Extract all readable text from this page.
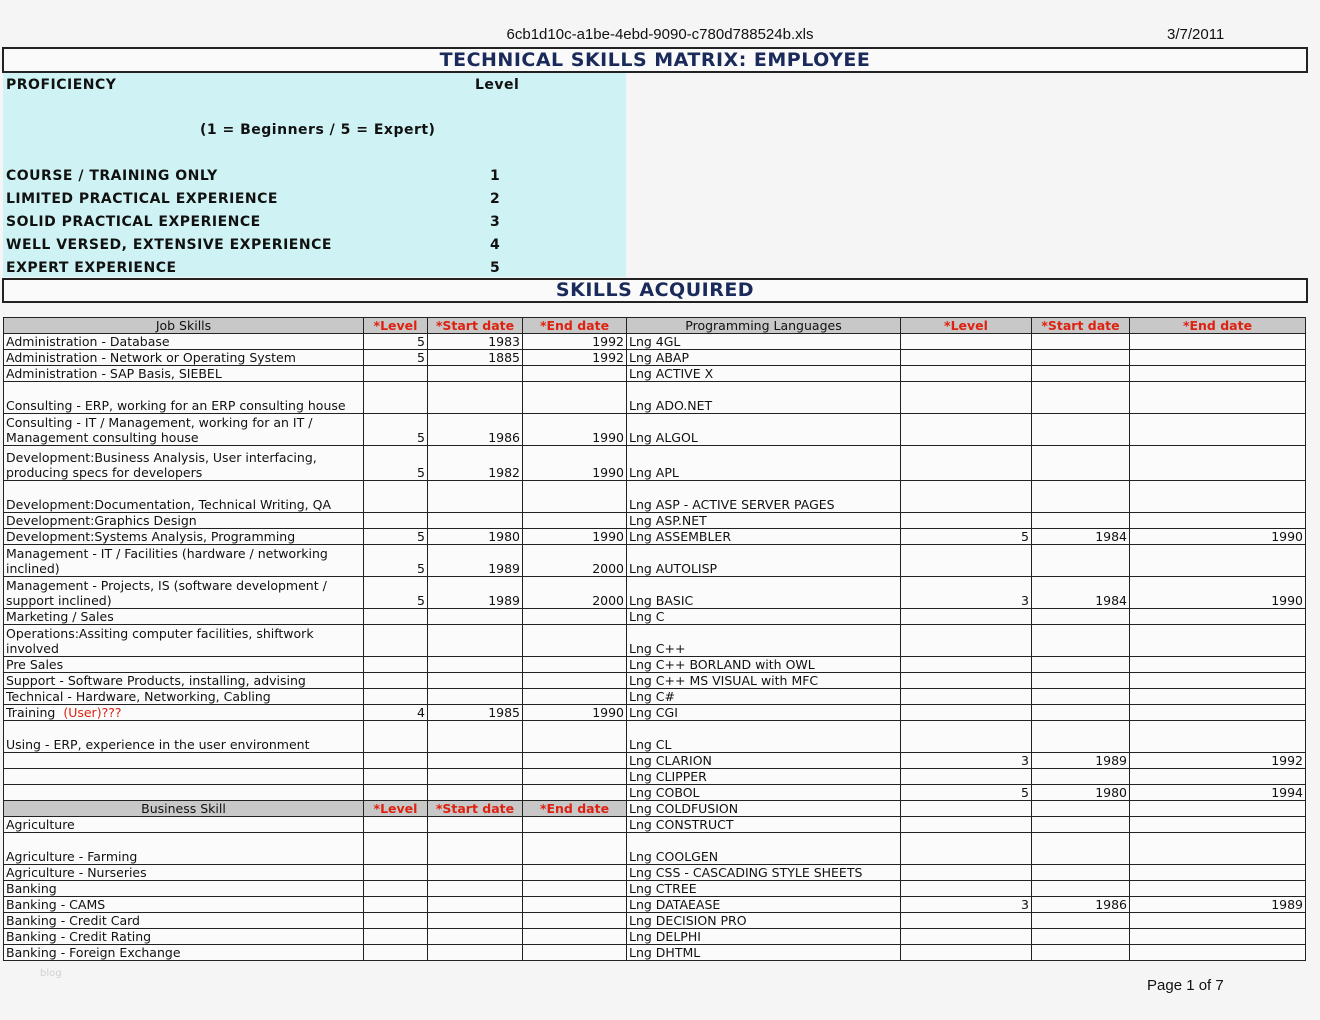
6cb1d10c-a1be-4ebd-9090-c780d788524b.xls	3/7/2011
TECHNICAL SKILLS MATRIX: EMPLOYEE
PROFICIENCY	Level
(1 = Beginners / 5 = Expert)
COURSE / TRAINING ONLY	1
LIMITED PRACTICAL EXPERIENCE	2
SOLID PRACTICAL EXPERIENCE	3
WELL VERSED, EXTENSIVE EXPERIENCE	4
EXPERT EXPERIENCE	5
SKILLS ACQUIRED
Job Skills	*Level	*Start date	*End date	Programming Languages	*Level	*Start date	*End date
Administration - Database	5	1983	1992	Lng 4GL			
Administration - Network or Operating System	5	1885	1992	Lng ABAP			
Administration - SAP Basis, SIEBEL				Lng ACTIVE X			
Consulting - ERP, working for an ERP consulting house				Lng ADO.NET			
Consulting - IT / Management, working for an IT /
Management consulting house	5	1986	1990	Lng ALGOL			
Development:Business Analysis, User interfacing,
producing specs for developers	5	1982	1990	Lng APL			
Development:Documentation, Technical Writing, QA				Lng ASP - ACTIVE SERVER PAGES			
Development:Graphics Design				Lng ASP.NET			
Development:Systems Analysis, Programming	5	1980	1990	Lng ASSEMBLER	5	1984	1990
Management - IT / Facilities (hardware / networking
inclined)	5	1989	2000	Lng AUTOLISP			
Management - Projects, IS (software development /
support inclined)	5	1989	2000	Lng BASIC	3	1984	1990
Marketing / Sales				Lng C			
Operations:Assiting computer facilities, shiftwork
involved				Lng C++			
Pre Sales				Lng C++ BORLAND with OWL			
Support - Software Products, installing, advising				Lng C++ MS VISUAL with MFC			
Technical - Hardware, Networking, Cabling				Lng C#			
Training (User)???	4	1985	1990	Lng CGI			
Using - ERP, experience in the user environment				Lng CL			
				Lng CLARION	3	1989	1992
				Lng CLIPPER			
				Lng COBOL	5	1980	1994
Business Skill	*Level	*Start date	*End date	Lng COLDFUSION			
Agriculture				Lng CONSTRUCT			
Agriculture - Farming				Lng COOLGEN			
Agriculture - Nurseries				Lng CSS - CASCADING STYLE SHEETS			
Banking				Lng CTREE			
Banking - CAMS				Lng DATAEASE	3	1986	1989
Banking - Credit Card				Lng DECISION PRO			
Banking - Credit Rating				Lng DELPHI			
Banking - Foreign Exchange				Lng DHTML			
blog
Page 1 of 7
